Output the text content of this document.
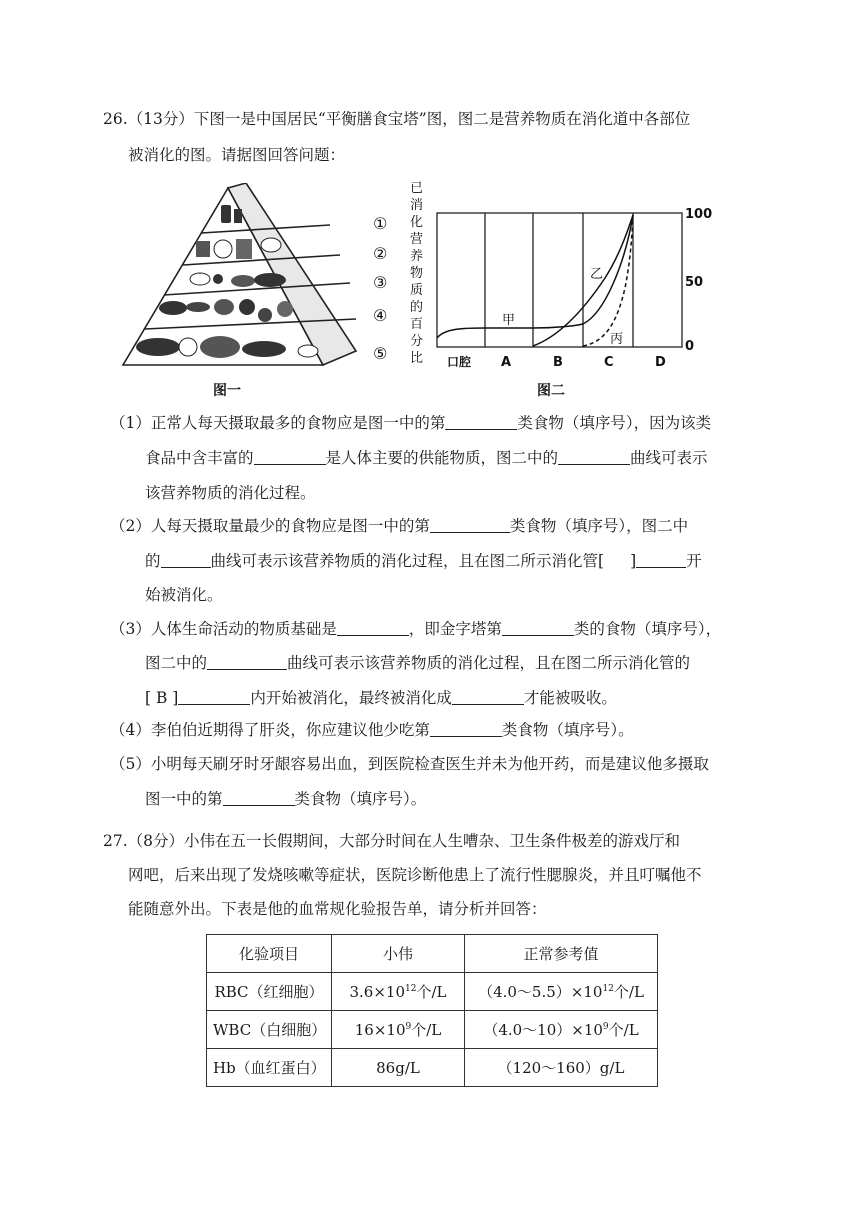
26.（13分）下图一是中国居民“平衡膳食宝塔”图，图二是营养物质在消化道中各部位
被消化的图。请据图回答问题：
①
②
③
④
⑤
图一
已
消
化
营
养
物
质
的
百
分
比
甲
乙
丙
100
50
0
口腔 A	B	C	D
图二
（1）正常人每天摄取最多的食物应是图一中的第	类食物（填序号），因为该类
食品中含丰富的	是人体主要的供能物质，图二中的	曲线可表示
该营养物质的消化过程。
（2）人每天摄取量最少的食物应是图一中的第	类食物（填序号），图二中
的	曲线可表示该营养物质的消化过程，且在图二所示消化管[ ]	开
始被消化。
（3）人体生命活动的物质基础是	，即金字塔第	类的食物（填序号），
图二中的	曲线可表示该营养物质的消化过程，且在图二所示消化管的
[ B ]	内开始被消化，最终被消化成	才能被吸收。
（4）李伯伯近期得了肝炎，你应建议他少吃第	类食物（填序号）。
（5）小明每天刷牙时牙龈容易出血，到医院检查医生并未为他开药，而是建议他多摄取
图一中的第	类食物（填序号）。
27.（8分）小伟在五一长假期间，大部分时间在人生嘈杂、卫生条件极差的游戏厅和
网吧，后来出现了发烧咳嗽等症状，医院诊断他患上了流行性腮腺炎，并且叮嘱他不
能随意外出。下表是他的血常规化验报告单，请分析并回答：
化验项目	小伟	正常参考值
RBC（红细胞）	$3.6\times 10^{12}$个/L	$(4.0\sim 5.5)\times 10^{12}$个/L
WBC（白细胞）	$16\times 10^9$个/L	$(4.0\sim 10)\times 10^9$个/L
Hb（血红蛋白）	86g/L	（120～160）g/L
